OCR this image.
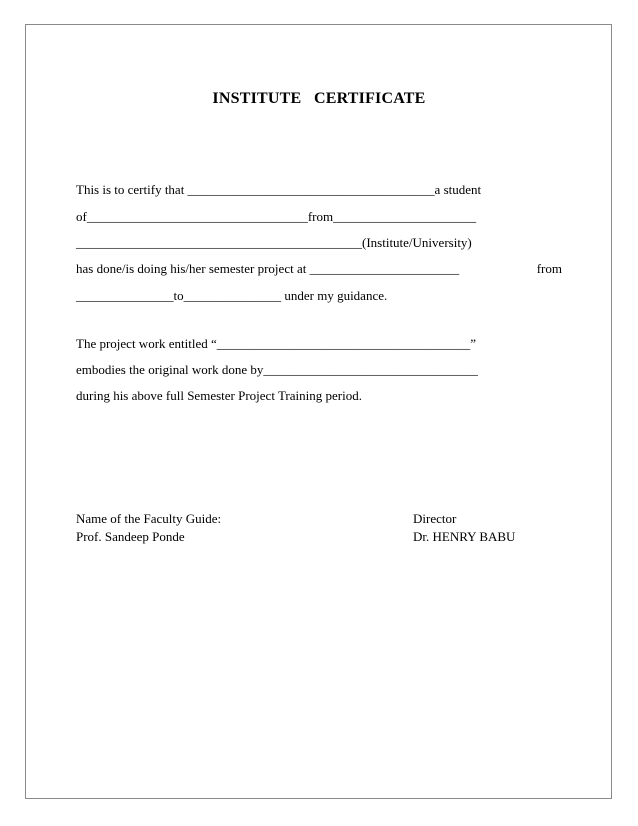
INSTITUTE   CERTIFICATE
This is to certify that ______________________________________a student
of__________________________________from______________________
____________________________________________(Institute/University)
has done/is doing his/her semester project at _______________________	from
_______________to_______________ under my guidance.
The project work entitled “_______________________________________”
embodies the original work done by_________________________________
during his above full Semester Project Training period.
Name of the Faculty Guide:
Prof. Sandeep Ponde
Director
Dr. HENRY BABU
